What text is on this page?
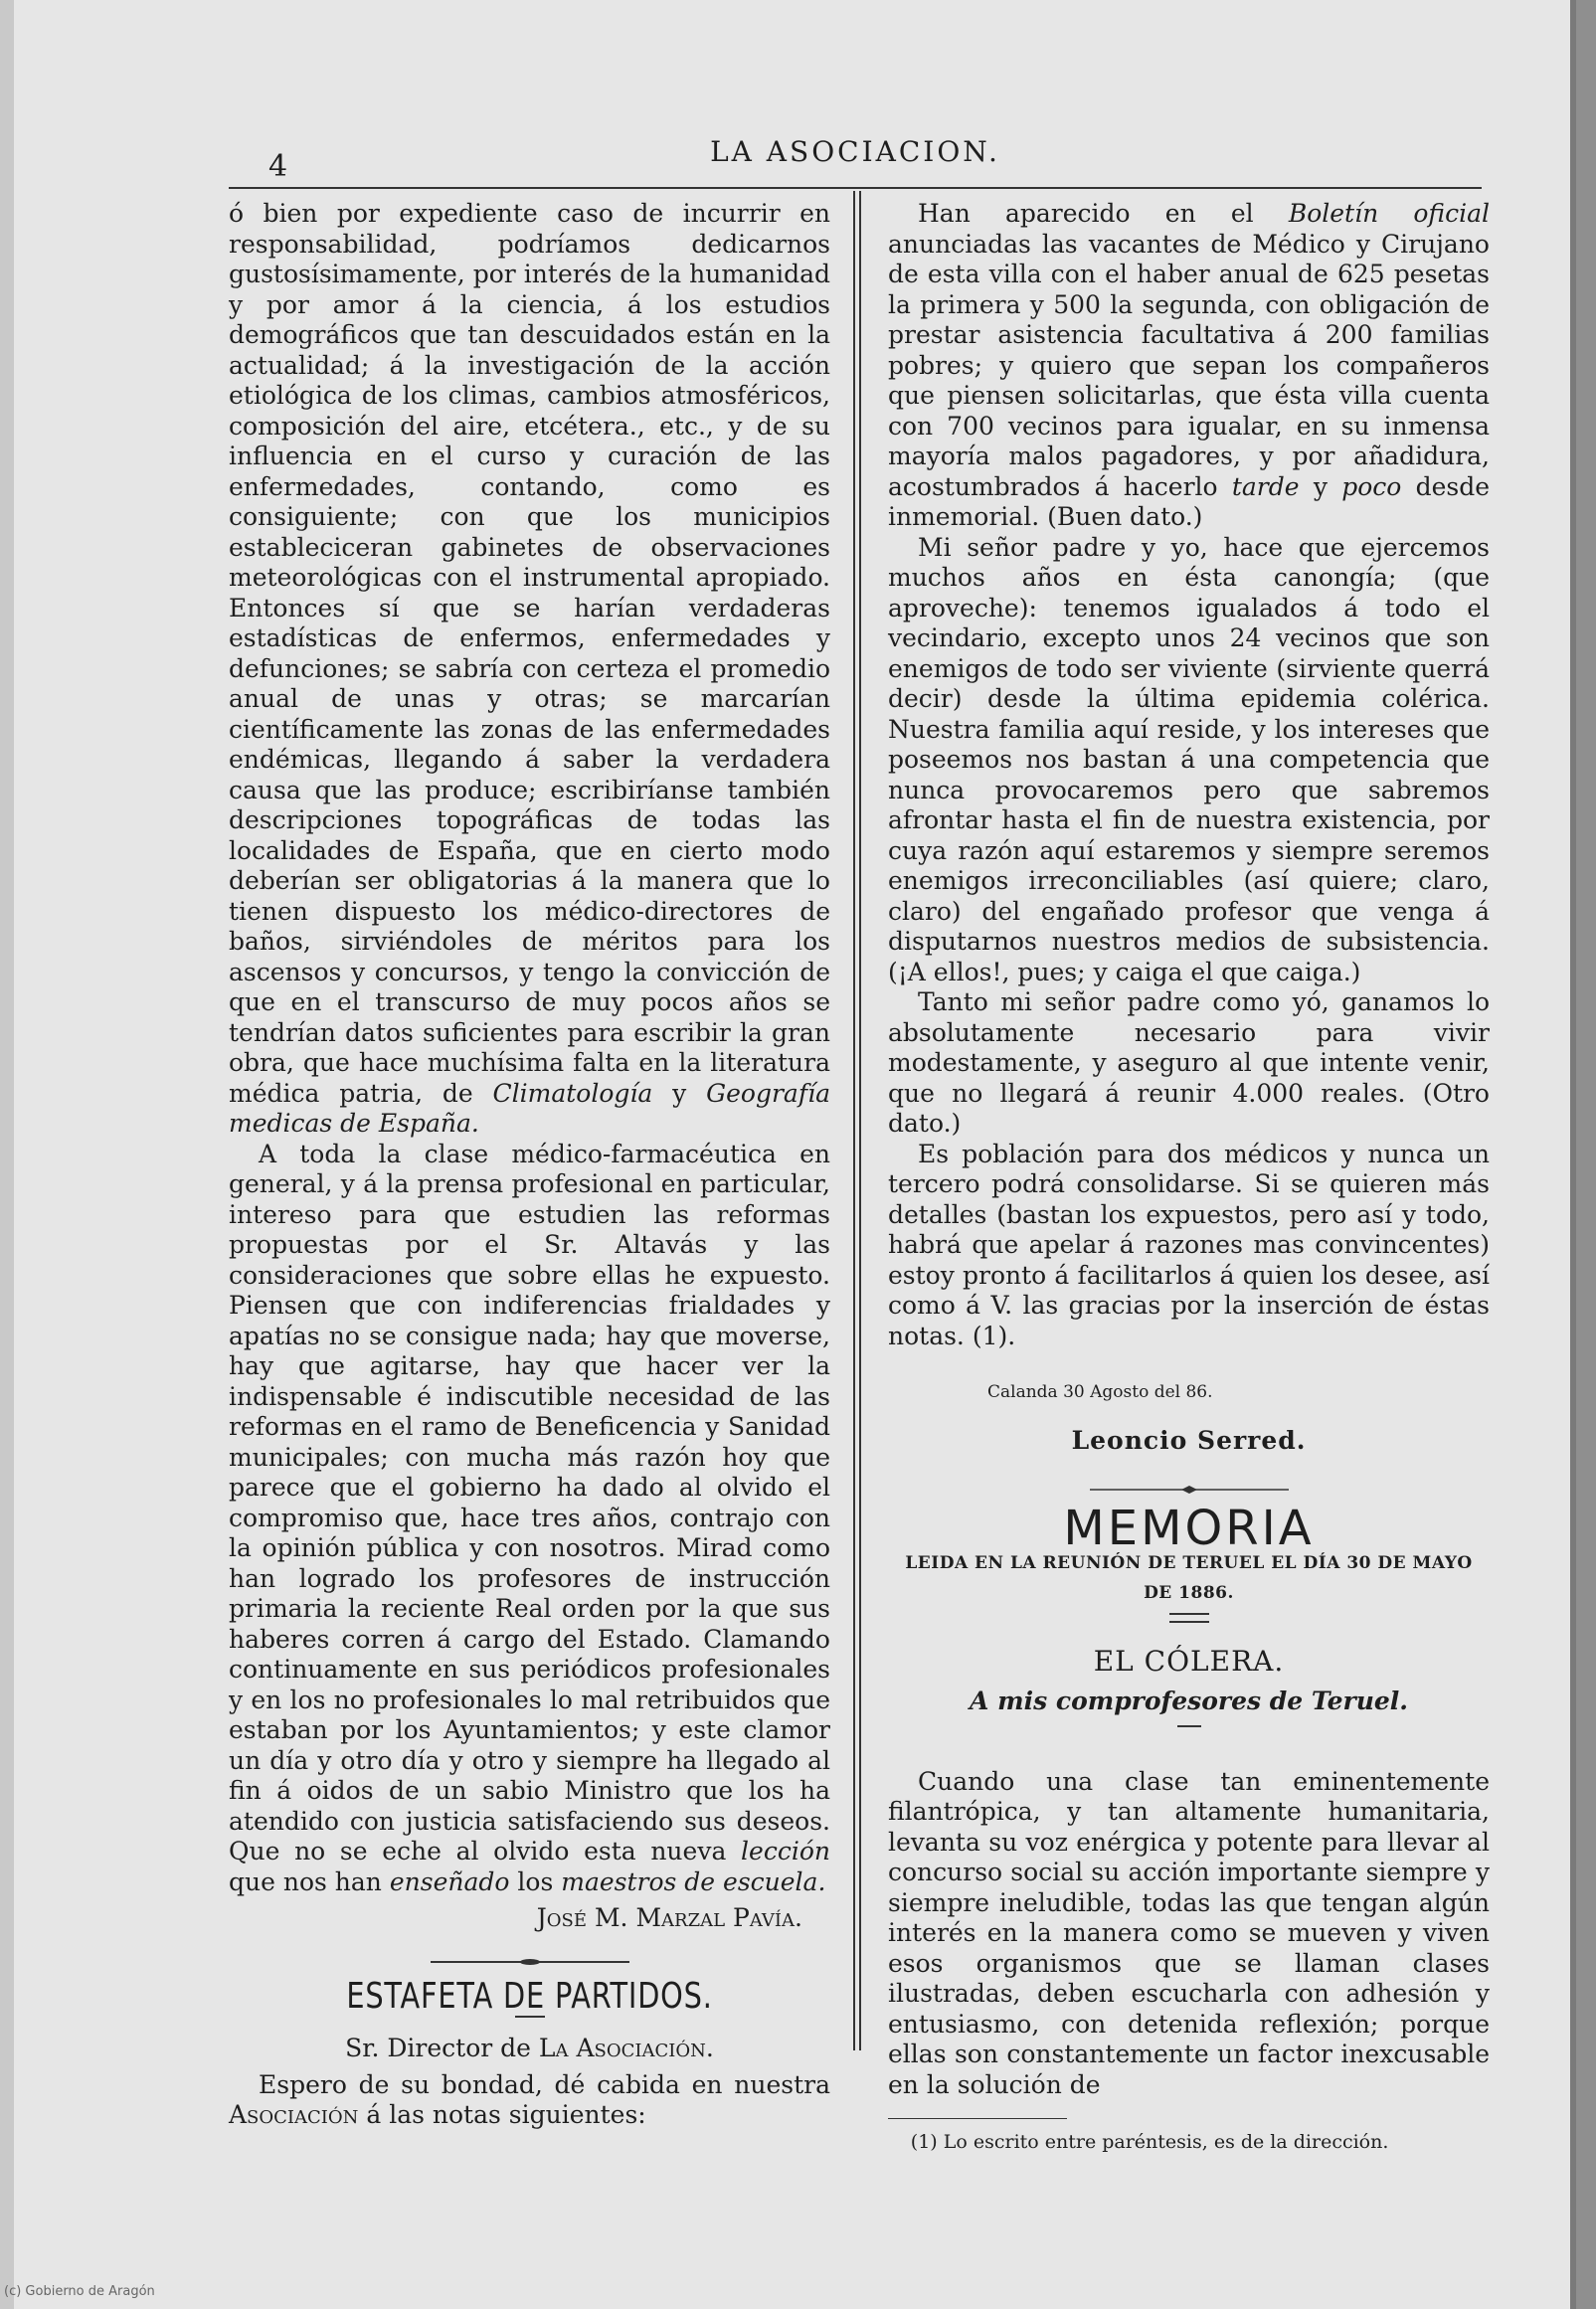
4	LA ASOCIACION.

ó bien por expediente caso de incurrir en responsabilidad, podríamos dedicarnos gustosísimamente, por interés de la humanidad y por amor á la ciencia, á los estudios demográficos que tan descuidados están en la actualidad; á la investigación de la acción etiológica de los climas, cambios atmosféricos, composición del aire, etcétera., etc., y de su influencia en el curso y curación de las enfermedades, contando, como es consiguiente; con que los municipios estableciceran gabinetes de observaciones meteorológicas con el instrumental apropiado. Entonces sí que se harían verdaderas estadísticas de enfermos, enfermedades y defunciones; se sabría con certeza el promedio anual de unas y otras; se marcarían científicamente las zonas de las enfermedades endémicas, llegando á saber la verdadera causa que las produce; escribiríanse también descripciones topográficas de todas las localidades de España, que en cierto modo deberían ser obligatorias á la manera que lo tienen dispuesto los médico-directores de baños, sirviéndoles de méritos para los ascensos y concursos, y tengo la convicción de que en el transcurso de muy pocos años se tendrían datos suficientes para escribir la gran obra, que hace muchísima falta en la literatura médica patria, de Climatología y Geografía medicas de España.

A toda la clase médico-farmacéutica en general, y á la prensa profesional en particular, intereso para que estudien las reformas propuestas por el Sr. Altavás y las consideraciones que sobre ellas he expuesto. Piensen que con indiferencias frialdades y apatías no se consigue nada; hay que moverse, hay que agitarse, hay que hacer ver la indispensable é indiscutible necesidad de las reformas en el ramo de Beneficencia y Sanidad municipales; con mucha más razón hoy que parece que el gobierno ha dado al olvido el compromiso que, hace tres años, contrajo con la opinión pública y con nosotros. Mirad como han logrado los profesores de instrucción primaria la reciente Real orden por la que sus haberes corren á cargo del Estado. Clamando continuamente en sus periódicos profesionales y en los no profesionales lo mal retribuidos que estaban por los Ayuntamientos; y este clamor un día y otro día y otro y siempre ha llegado al fin á oidos de un sabio Ministro que los ha atendido con justicia satisfaciendo sus deseos. Que no se eche al olvido esta nueva lección que nos han enseñado los maestros de escuela.

José M. Marzal Pavía.
ESTAFETA DE PARTIDOS.
Sr. Director de La Asociación.

Espero de su bondad, dé cabida en nuestra Asociación á las notas siguientes:

Han aparecido en el Boletín oficial anunciadas las vacantes de Médico y Cirujano de esta villa con el haber anual de 625 pesetas la primera y 500 la segunda, con obligación de prestar asistencia facultativa á 200 familias pobres; y quiero que sepan los compañeros que piensen solicitarlas, que ésta villa cuenta con 700 vecinos para igualar, en su inmensa mayoría malos pagadores, y por añadidura, acostumbrados á hacerlo tarde y poco desde inmemorial. (Buen dato.)

Mi señor padre y yo, hace que ejercemos muchos años en ésta canongía; (que aproveche): tenemos igualados á todo el vecindario, excepto unos 24 vecinos que son enemigos de todo ser viviente (sirviente querrá decir) desde la última epidemia colérica. Nuestra familia aquí reside, y los intereses que poseemos nos bastan á una competencia que nunca provocaremos pero que sabremos afrontar hasta el fin de nuestra existencia, por cuya razón aquí estaremos y siempre seremos enemigos irreconciliables (así quiere; claro, claro) del engañado profesor que venga á disputarnos nuestros medios de subsistencia. (¡A ellos!, pues; y caiga el que caiga.)

Tanto mi señor padre como yó, ganamos lo absolutamente necesario para vivir modestamente, y aseguro al que intente venir, que no llegará á reunir 4.000 reales. (Otro dato.)

Es población para dos médicos y nunca un tercero podrá consolidarse. Si se quieren más detalles (bastan los expuestos, pero así y todo, habrá que apelar á razones mas convincentes) estoy pronto á facilitarlos á quien los desee, así como á V. las gracias por la inserción de éstas notas. (1).

Calanda 30 Agosto del 86.
Leoncio Serred.
MEMORIA
LEIDA EN LA REUNIÓN DE TERUEL EL DÍA 30 DE MAYO DE 1886.
EL CÓLERA.
A mis comprofesores de Teruel.

Cuando una clase tan eminentemente filantrópica, y tan altamente humanitaria, levanta su voz enérgica y potente para llevar al concurso social su acción importante siempre y siempre ineludible, todas las que tengan algún interés en la manera como se mueven y viven esos organismos que se llaman clases ilustradas, deben escucharla con adhesión y entusiasmo, con detenida reflexión; porque ellas son constantemente un factor inexcusable en la solución de

(1) Lo escrito entre paréntesis, es de la dirección.

(c) Gobierno de Aragón
